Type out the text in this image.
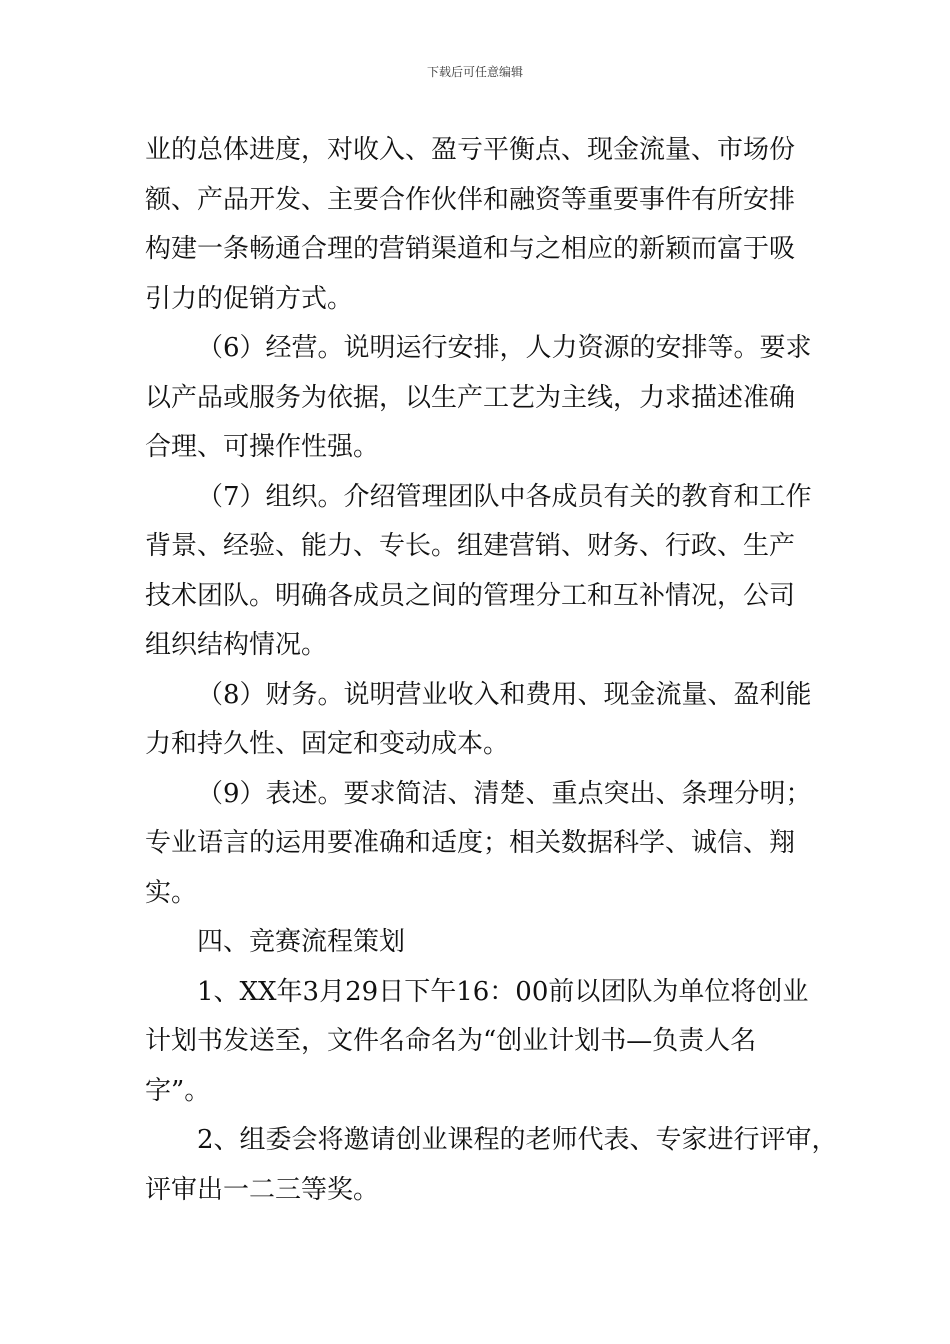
下载后可任意编辑
业的总体进度，对收入、盈亏平衡点、现金流量、市场份
额、产品开发、主要合作伙伴和融资等重要事件有所安排
构建一条畅通合理的营销渠道和与之相应的新颖而富于吸
引力的促销方式。
（6）经营。说明运行安排，人力资源的安排等。要求
以产品或服务为依据，以生产工艺为主线，力求描述准确
合理、可操作性强。
（7）组织。介绍管理团队中各成员有关的教育和工作
背景、经验、能力、专长。组建营销、财务、行政、生产
技术团队。明确各成员之间的管理分工和互补情况，公司
组织结构情况。
（8）财务。说明营业收入和费用、现金流量、盈利能
力和持久性、固定和变动成本。
（9）表述。要求简洁、清楚、重点突出、条理分明；
专业语言的运用要准确和适度；相关数据科学、诚信、翔
实。
四、竞赛流程策划
1、XX年3月29日下午16：00前以团队为单位将创业
计划书发送至，文件名命名为“创业计划书—负责人名
字”。
2、组委会将邀请创业课程的老师代表、专家进行评审，
评审出一二三等奖。
